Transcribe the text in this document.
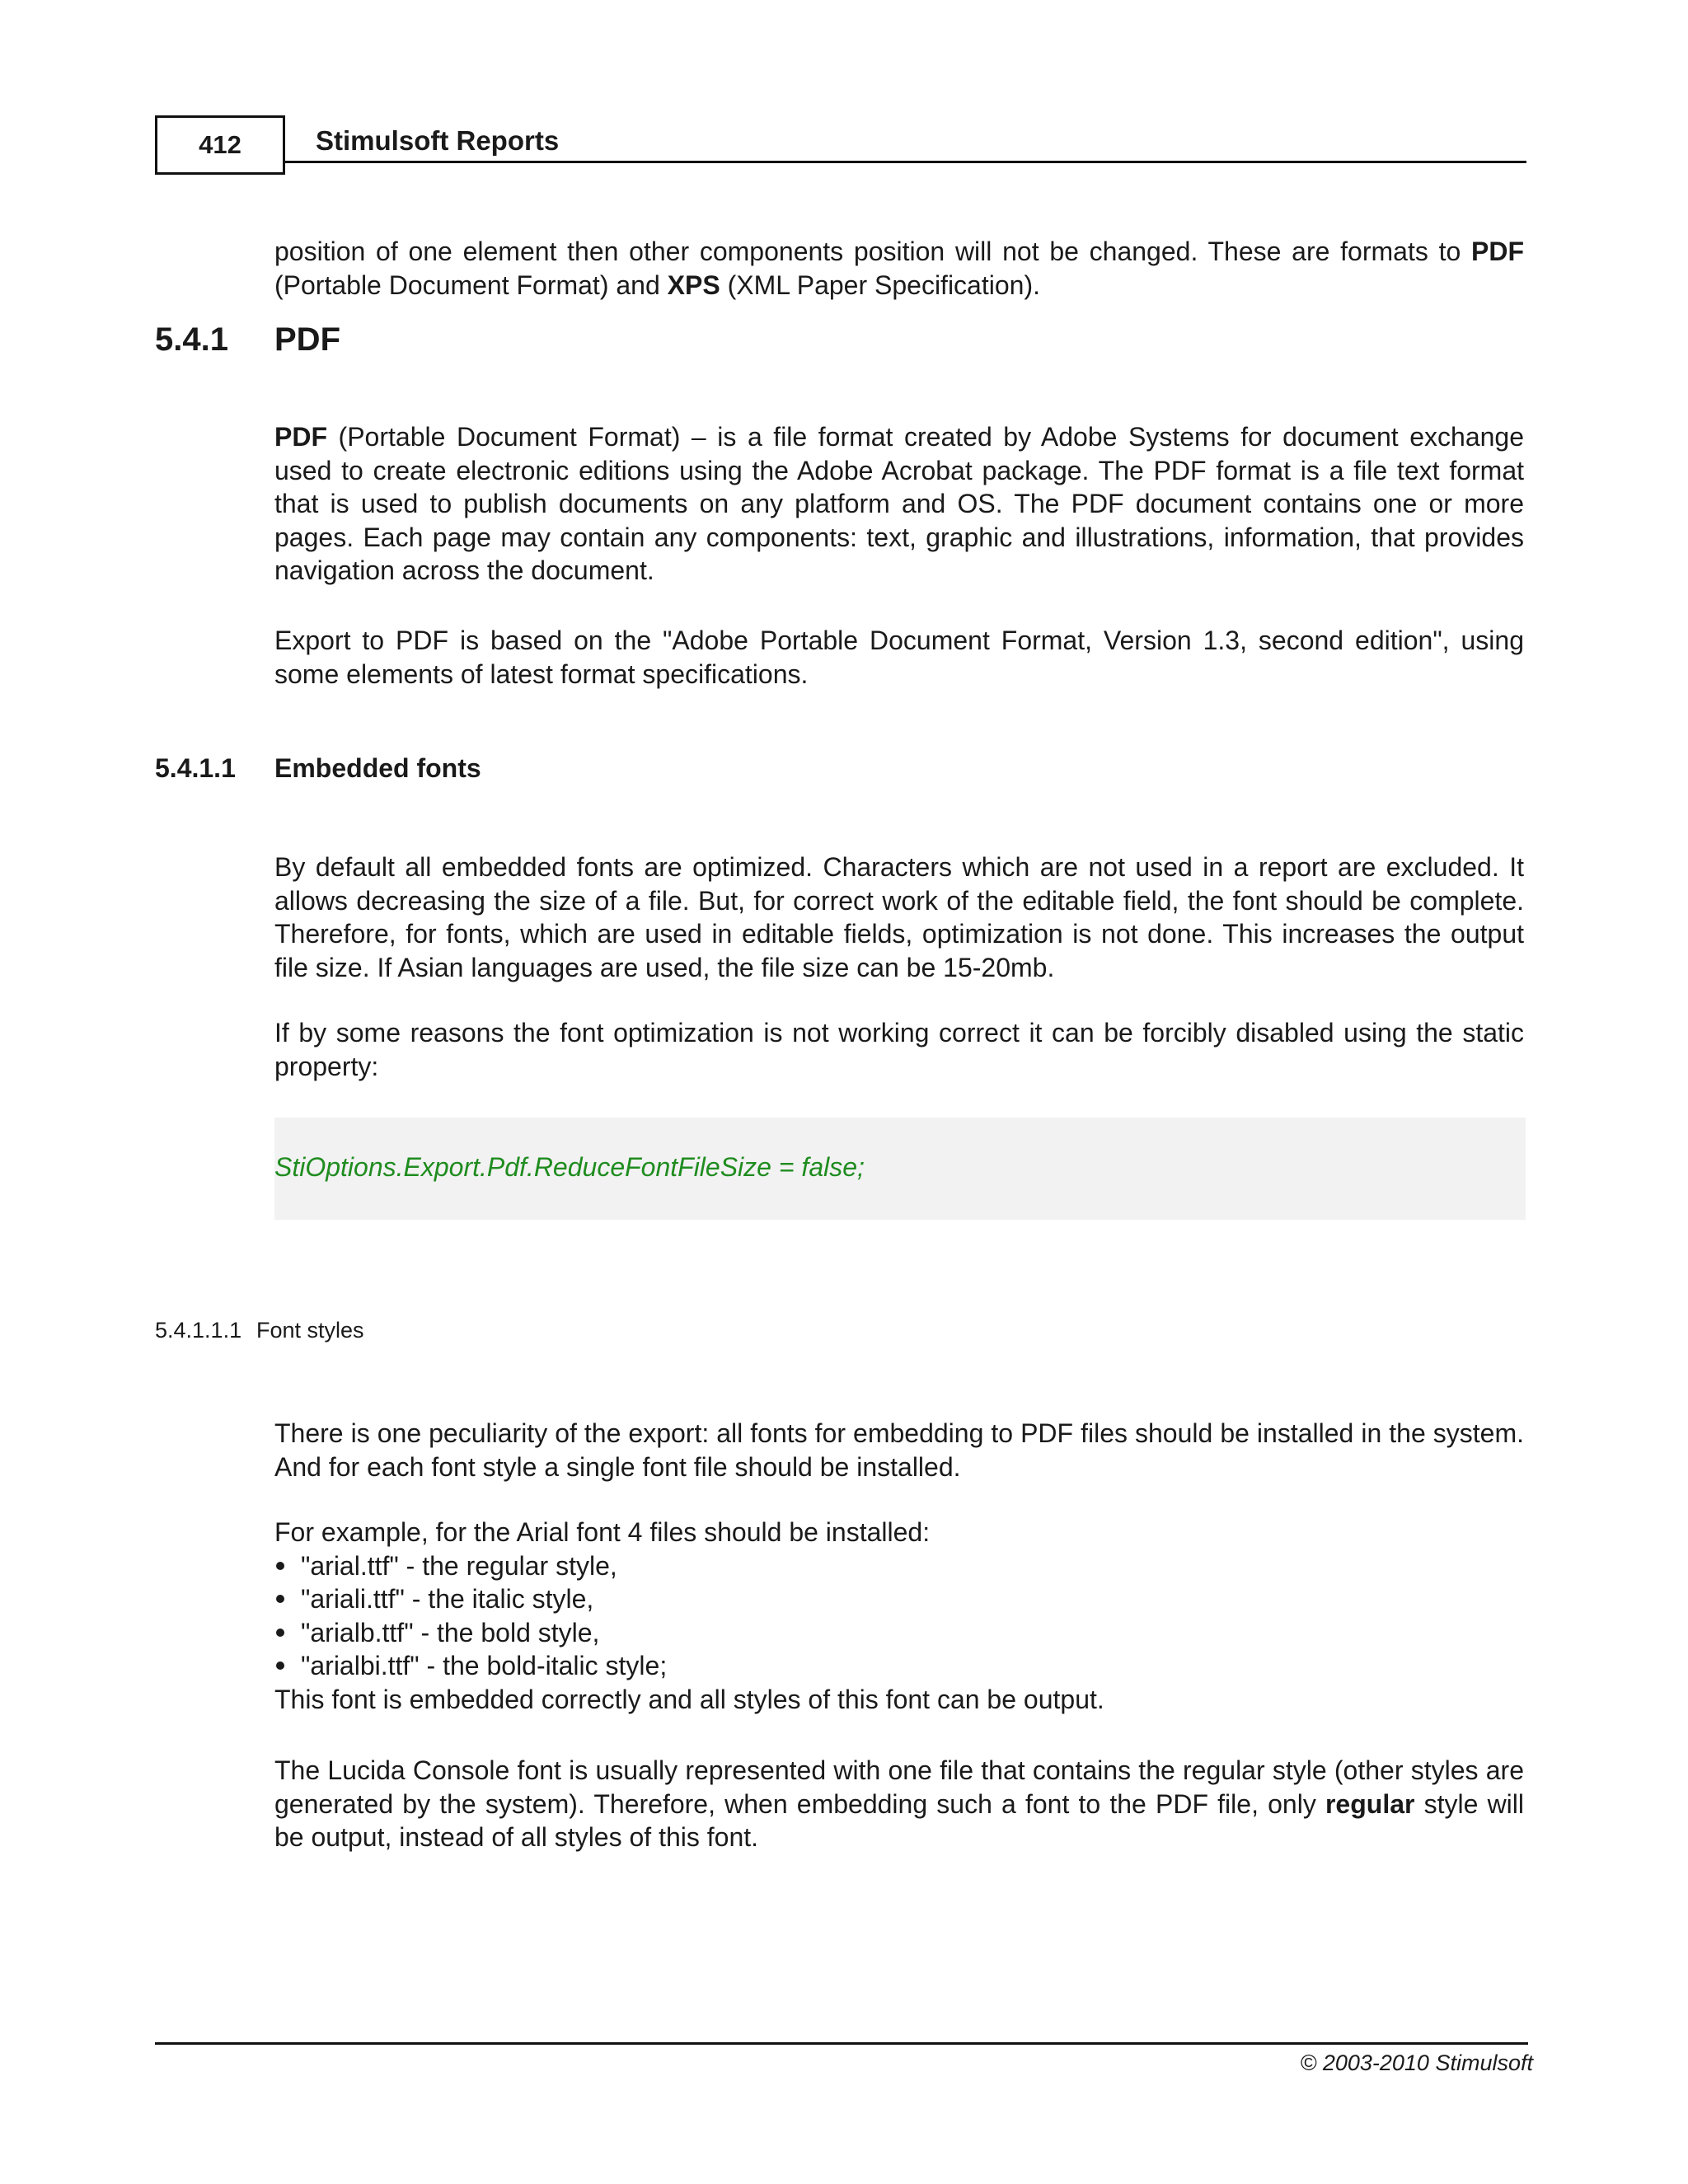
412	Stimulsoft Reports

position of one element then other components position will not be changed. These are formats to PDF (Portable Document Format) and XPS (XML Paper Specification).

5.4.1 PDF

PDF (Portable Document Format) – is a file format created by Adobe Systems for document exchange used to create electronic editions using the Adobe Acrobat package. The PDF format is a file text format that is used to publish documents on any platform and OS. The PDF document contains one or more pages. Each page may contain any components: text, graphic and illustrations, information, that provides navigation across the document.

Export to PDF is based on the "Adobe Portable Document Format, Version 1.3, second edition", using some elements of latest format specifications.

5.4.1.1 Embedded fonts

By default all embedded fonts are optimized. Characters which are not used in a report are excluded. It allows decreasing the size of a file. But, for correct work of the editable field, the font should be complete. Therefore, for fonts, which are used in editable fields, optimization is not done. This increases the output file size. If Asian languages are used, the file size can be 15-20mb.

If by some reasons the font optimization is not working correct it can be forcibly disabled using the static property:

StiOptions.Export.Pdf.ReduceFontFileSize = false;
5.4.1.1.1 Font styles

There is one peculiarity of the export: all fonts for embedding to PDF files should be installed in the system. And for each font style a single font file should be installed.

For example, for the Arial font 4 files should be installed:
"arial.ttf" - the regular style,
"ariali.ttf" - the italic style,
"arialb.ttf" - the bold style,
"arialbi.ttf" - the bold-italic style;
This font is embedded correctly and all styles of this font can be output.

The Lucida Console font is usually represented with one file that contains the regular style (other styles are generated by the system). Therefore, when embedding such a font to the PDF file, only regular style will be output, instead of all styles of this font.

© 2003-2010 Stimulsoft
